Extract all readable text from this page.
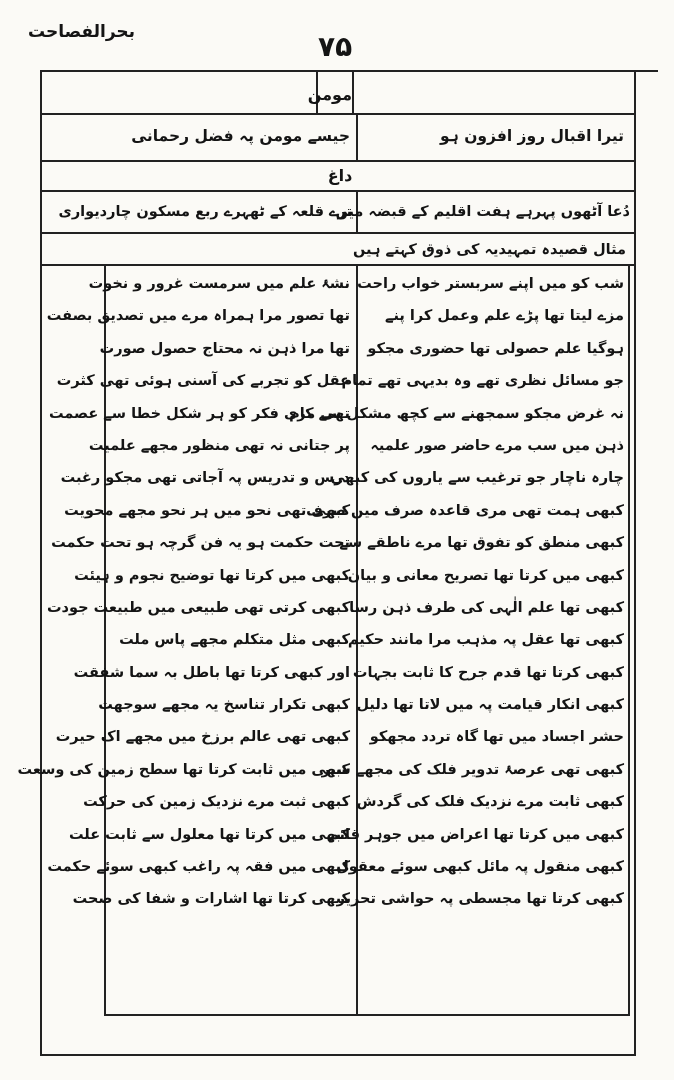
بحرالفصاحت	۷۵
مومن
تیرا اقبال روز افزون ہو
جیسے مومن پہ فضل رحمانی
داغ
دُعا آٹھوں پہرہے ہفت اقلیم کے قبضہ میں
ترے قلعہ کے ٹھہرے ربع مسکون چاردیواری
مثال قصیدہ تمہیدیہ کی ذوق کہتے ہیں
شب کو میں اپنے سربستر خواب راحت
مزے لیتا تھا پڑے علم وعمل کرا پنے
ہوگیا علم حصولی تھا حضوری مجکو
جو مسائل نظری تھے وہ بدیہی تھے تمام
نہ غرض مجکو سمجھنے سے کچھ مشکل سے کام
ذہن میں سب مرے حاضر صور علمیہ
چارہ ناچار جو ترغیب سے یاروں کی کبھی
کبھی ہمت تھی مری قاعدہ صرف میں صرف
کبھی منطق کو تفوق تھا مرے ناطقے سے
کبھی میں کرتا تھا تصریح معانی و بیان
کبھی تھا علم الٰہی کی طرف ذہن رسا
کبھی تھا عقل پہ مذہب مرا مانند حکیم
کبھی کرتا تھا قدم جرح کا ثابت بجہات
کبھی انکار قیامت پہ میں لاتا تھا دلیل
حشر اجساد میں تھا گاہ تردد مجھکو
کبھی تھی عرصۂ تدویر فلک کی مجھے سیر
کبھی ثابت مرے نزدیک فلک کی گردش
کبھی میں کرتا تھا اعراض میں جوہر قائم
کبھی منقول پہ مائل کبھی سوئے معقول
کبھی کرتا تھا مجسطی پہ حواشی تحریر
نشۂ علم میں سرمست غرور و نخوت
تھا تصور مرا ہمراہ مرے میں تصدیق بصفت
تھا مرا ذہن نہ محتاج حصول صورت
عقل کو تجربے کی آسنی ہوئی تھی کثرت
تھی مری فکر کو ہر شکل خطا سے عصمت
پر جتانی نہ تھی منظور مجھے علمیت
درس و تدریس پہ آجاتی تھی مجکو رغبت
کبھی تھی نحو میں ہر نحو مجھے محویت
تحت حکمت ہو یہ فن گرچہ ہو تحت حکمت
کبھی میں کرتا تھا توضیح نجوم و ہیئت
کبھی کرتی تھی طبیعی میں طبیعت جودت
کبھی مثل متکلم مجھے پاس ملت
اور کبھی کرتا تھا باطل بہ سما شفقت
کبھی تکرار تناسخ یہ مجھے سوجھت
کبھی تھی عالم برزخ میں مجھے اک حیرت
کبھی میں ثابت کرتا تھا سطح زمین کی وسعت
کبھی ثبت مرے نزدیک زمین کی حرکت
کبھی میں کرتا تھا معلول سے ثابت علت
کبھی میں فقہ پہ راغب کبھی سوئے حکمت
کبھی کرتا تھا اشارات و شفا کی صحت
